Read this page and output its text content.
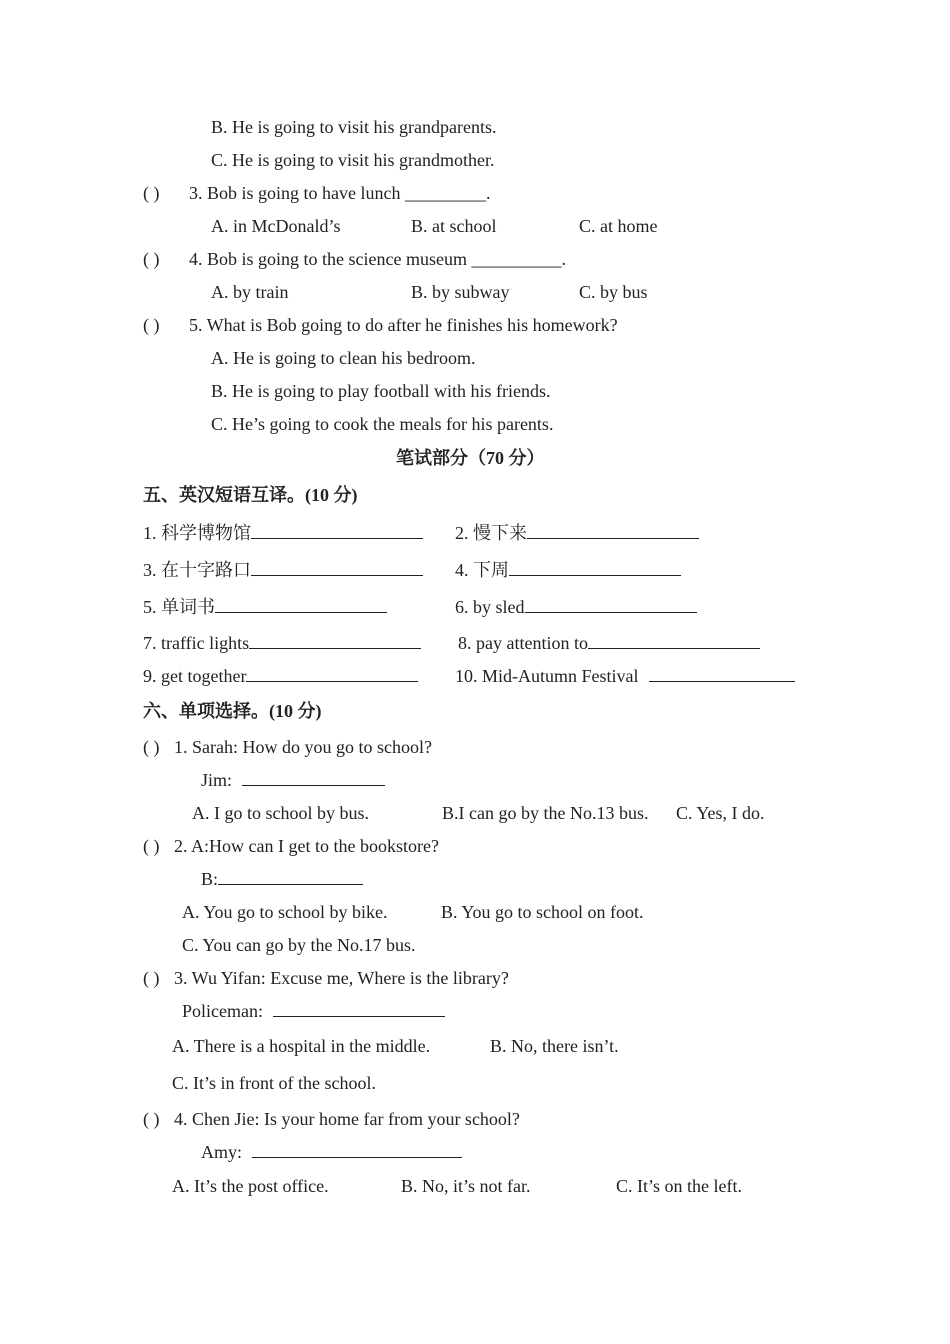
B. He is going to visit his grandparents.
C. He is going to visit his grandmother.
( ) 3. Bob is going to have lunch _________.
A. in McDonald’s	B. at school	C. at home
( ) 4. Bob is going to the science museum __________.
A. by train	B. by subway	C. by bus
( ) 5. What is Bob going to do after he finishes his homework?
A. He is going to clean his bedroom.
B. He is going to play football with his friends.
C. He’s going to cook the meals for his parents.
笔试部分（70 分）
五、英汉短语互译。(10 分)
1. 科学博物馆	2. 慢下来
3. 在十字路口	4. 下周
5. 单词书	6. by sled
7. traffic lights	8. pay attention to
9. get together	10. Mid-Autumn Festival
六、单项选择。(10 分)
( ) 1. Sarah: How do you go to school?
Jim:
A. I go to school by bus.	B.I can go by the No.13 bus. C. Yes, I do.
( ) 2. A:How can I get to the bookstore?
B:
A. You go to school by bike.	B. You go to school on foot.
C. You can go by the No.17 bus.
( ) 3. Wu Yifan: Excuse me, Where is the library?
Policeman:
A. There is a hospital in the middle.	B. No, there isn’t.
C. It’s in front of the school.
( ) 4. Chen Jie: Is your home far from your school?
Amy:
A. It’s the post office.	B. No, it’s not far.	C. It’s on the left.
